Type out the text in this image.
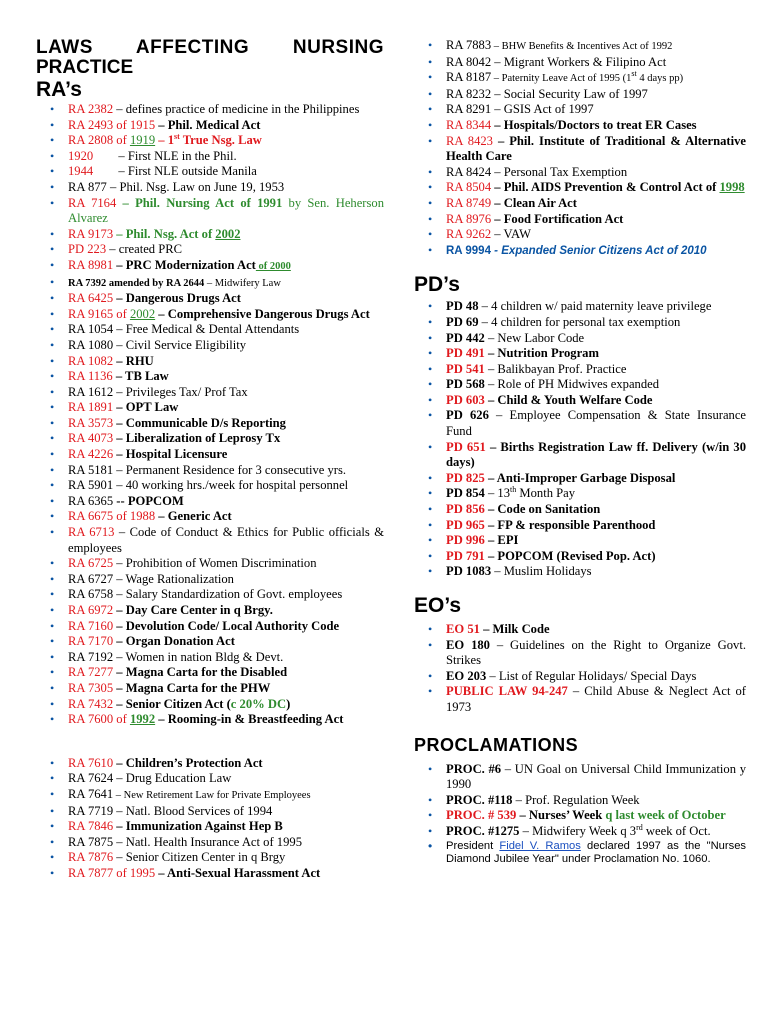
LAWS AFFECTING NURSING
PRACTICE
RA’s
• RA 2382 – defines practice of medicine in the Philippines
• RA 2493 of 1915 – Phil. Medical Act
• RA 2808 of 1919 – 1st True Nsg. Law
• 1920        – First NLE in the Phil.
• 1944        – First NLE outside Manila
• RA 877 – Phil. Nsg. Law on June 19, 1953
• RA 7164 – Phil. Nursing Act of 1991 by Sen. Heherson Alvarez
• RA 9173 – Phil. Nsg. Act of 2002
• PD 223 – created PRC
• RA 8981 – PRC Modernization Act of 2000
• RA 7392 amended by RA 2644 – Midwifery Law
• RA 6425 – Dangerous Drugs Act
• RA 9165 of 2002 – Comprehensive Dangerous Drugs Act
• RA 1054 – Free Medical & Dental Attendants
• RA 1080 – Civil Service Eligibility
• RA 1082 – RHU
• RA 1136 – TB Law
• RA 1612 – Privileges Tax/ Prof Tax
• RA 1891 – OPT Law
• RA 3573 – Communicable D/s Reporting
• RA 4073 – Liberalization of Leprosy Tx
• RA 4226 – Hospital Licensure
• RA 5181 – Permanent Residence for 3 consecutive yrs.
• RA 5901 – 40 working hrs./week for hospital personnel
• RA 6365 -- POPCOM
• RA 6675 of 1988 – Generic Act
• RA 6713 – Code of Conduct & Ethics for Public officials & employees
• RA 6725 – Prohibition of Women Discrimination
• RA 6727 – Wage Rationalization
• RA 6758 – Salary Standardization of Govt. employees
• RA 6972 – Day Care Center in q Brgy.
• RA 7160 – Devolution Code/ Local Authority Code
• RA 7170 – Organ Donation Act
• RA 7192 – Women in nation Bldg & Devt.
• RA 7277 – Magna Carta for the Disabled
• RA 7305 – Magna Carta for the PHW
• RA 7432 – Senior Citizen Act (c 20% DC)
• RA 7600 of 1992 – Rooming-in & Breastfeeding Act
• RA 7610 – Children’s Protection Act
• RA 7624 – Drug Education Law
• RA 7641 – New Retirement Law for Private Employees
• RA 7719 – Natl. Blood Services of 1994
• RA 7846 – Immunization Against Hep B
• RA 7875 – Natl. Health Insurance Act of 1995
• RA 7876 – Senior Citizen Center in q Brgy
• RA 7877 of 1995 – Anti-Sexual Harassment Act
• RA 7883 – BHW Benefits & Incentives Act of 1992
• RA 8042 – Migrant Workers & Filipino Act
• RA 8187 – Paternity Leave Act of 1995 (1st 4 days pp)
• RA 8232 – Social Security Law of 1997
• RA 8291 – GSIS Act of 1997
• RA 8344 – Hospitals/Doctors to treat ER Cases
• RA 8423 – Phil. Institute of Traditional & Alternative Health Care
• RA 8424 – Personal Tax Exemption
• RA 8504 – Phil. AIDS Prevention & Control Act of 1998
• RA 8749 – Clean Air Act
• RA 8976 – Food Fortification Act
• RA 9262 – VAW
• RA 9994 - Expanded Senior Citizens Act of 2010
PD’s
• PD 48 – 4 children w/ paid maternity leave privilege
• PD 69 – 4 children for personal tax exemption
• PD 442 – New Labor Code
• PD 491 – Nutrition Program
• PD 541 – Balikbayan Prof. Practice
• PD 568 – Role of PH Midwives expanded
• PD 603 – Child & Youth Welfare Code
• PD 626 – Employee Compensation & State Insurance Fund
• PD 651 – Births Registration Law ff. Delivery (w/in 30 days)
• PD 825 – Anti-Improper Garbage Disposal
• PD 854 – 13th Month Pay
• PD 856 – Code on Sanitation
• PD 965 – FP & responsible Parenthood
• PD 996 – EPI
• PD 791 – POPCOM (Revised Pop. Act)
• PD 1083 – Muslim Holidays
EO’s
• EO 51 – Milk Code
• EO 180 – Guidelines on the Right to Organize Govt. Strikes
• EO 203 – List of Regular Holidays/ Special Days
• PUBLIC LAW 94-247 – Child Abuse & Neglect Act of 1973
PROCLAMATIONS
• PROC. #6 – UN Goal on Universal Child Immunization y 1990
• PROC. #118 – Prof. Regulation Week
• PROC. # 539 – Nurses’ Week q last week of October
• PROC. #1275 – Midwifery Week q 3rd week of Oct.
• President Fidel V. Ramos declared 1997 as the "Nurses Diamond Jubilee Year" under Proclamation No. 1060.
